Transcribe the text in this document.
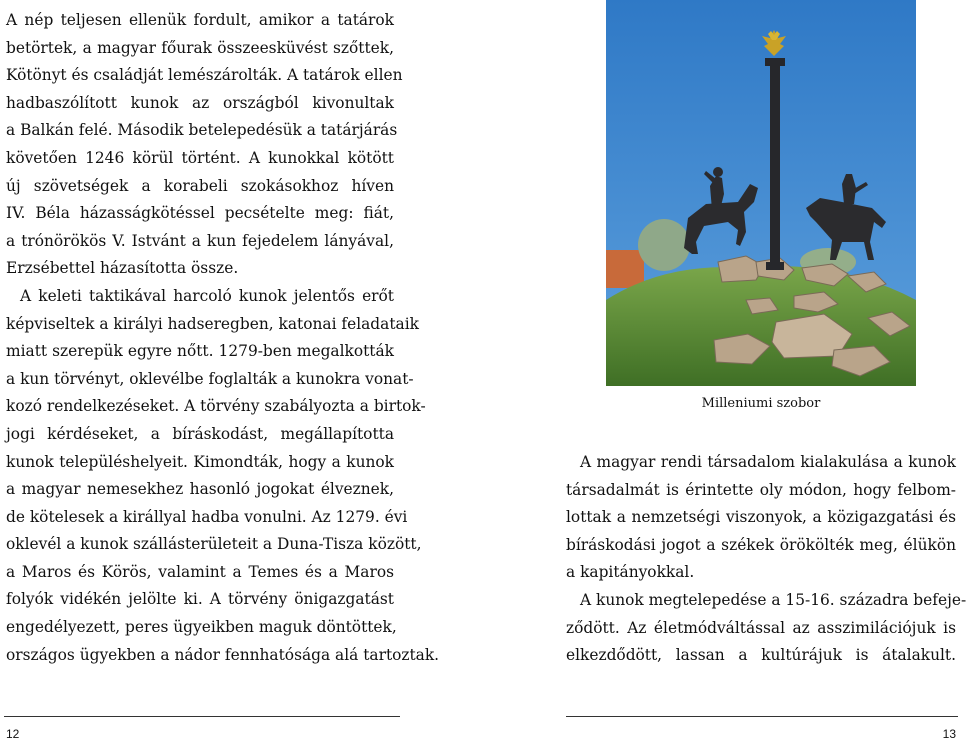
A nép teljesen ellenük fordult, amikor a tatárok
betörtek, a magyar főurak összeesküvést szőttek,
Kötönyt és családját lemészárolták. A tatárok ellen
hadbaszólított kunok az országból kivonultak
a Balkán felé. Második betelepedésük a tatárjárás
követően 1246 körül történt. A kunokkal kötött
új szövetségek a korabeli szokásokhoz híven
IV. Béla házasságkötéssel pecsételte meg: fiát,
a trónörökös V. Istvánt a kun fejedelem lányával,
Erzsébettel házasította össze.

A keleti taktikával harcoló kunok jelentős erőt
képviseltek a királyi hadseregben, katonai feladataik
miatt szerepük egyre nőtt. 1279-ben megalkották
a kun törvényt, oklevélbe foglalták a kunokra vonat-
kozó rendelkezéseket. A törvény szabályozta a birtok-
jogi kérdéseket, a bíráskodást, megállapította
kunok településhelyeit. Kimondták, hogy a kunok
a magyar nemesekhez hasonló jogokat élveznek,
de kötelesek a királlyal hadba vonulni. Az 1279. évi
oklevél a kunok szállásterületeit a Duna-Tisza között,
a Maros és Körös, valamint a Temes és a Maros
folyók vidékén jelölte ki. A törvény önigazgatást
engedélyezett, peres ügyeikben maguk döntöttek,
országos ügyekben a nádor fennhatósága alá tartoztak.

12
Milleniumi szobor

A magyar rendi társadalom kialakulása a kunok
társadalmát is érintette oly módon, hogy felbom-
lottak a nemzetségi viszonyok, a közigazgatási és
bíráskodási jogot a székek örökölték meg, élükön
a kapitányokkal.

A kunok megtelepedése a 15-16. századra befeje-
ződött. Az életmódváltással az asszimilációjuk is
elkezdődött, lassan a kultúrájuk is átalakult.

13
